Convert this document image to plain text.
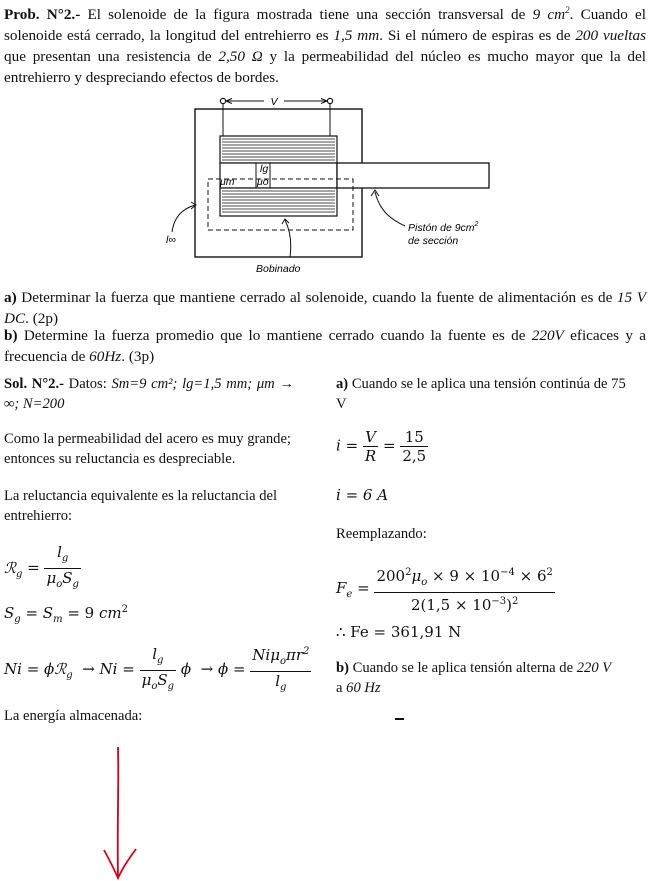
Prob. N°2.- El solenoide de la figura mostrada tiene una sección transversal de 9 $cm^2$. Cuando el solenoide está cerrado, la longitud del entrehierro es 1,5 mm. Si el número de espiras es de 200 vueltas que presentan una resistencia de 2,50 Ω y la permeabilidad del núcleo es mucho mayor que la del entrehierro y despreciando efectos de bordes.
V
μm μo
lg
l∞
Pistón de $9cm^2$
de sección
Bobinado
a) Determinar la fuerza que mantiene cerrado al solenoide, cuando la fuente de alimentación es de 15 V DC. (2p)
b) Determine la fuerza promedio que lo mantiene cerrado cuando la fuente es de 220V eficaces y a frecuencia de 60Hz. (3p)
Sol. N°2.- Datos: Sm=9 cm²; lg=1,5 mm; μm → ∞; N=200
Como la permeabilidad del acero es muy grande; entonces su reluctancia es despreciable.
La reluctancia equivalente es la reluctancia del entrehierro:
ℛ$_g$ = $\frac{l_g}{\mu_oS_g}$
$S_g = S_m = 9$ $cm^2$
Ni = ϕℛ$_g$  → $Ni = \frac{l_g}{\mu_oS_g}$ $\phi \to \phi = \frac{Ni\mu_o\pi r^2}{l_g}$
La energía almacenada:
a) Cuando se le aplica una tensión continúa de 75 V
$i = \frac{V}{R} = \frac{15}{2,5}$
i = 6 A
Reemplazando:
$F_e = \frac{200^2\mu_o \times 9 \times 10^{-4} \times 6^2}{2(1,5 \times 10^{-3})^2}$
∴ Fe = 361,91 N
b) Cuando se le aplica tensión alterna de 220 V
a 60 Hz
